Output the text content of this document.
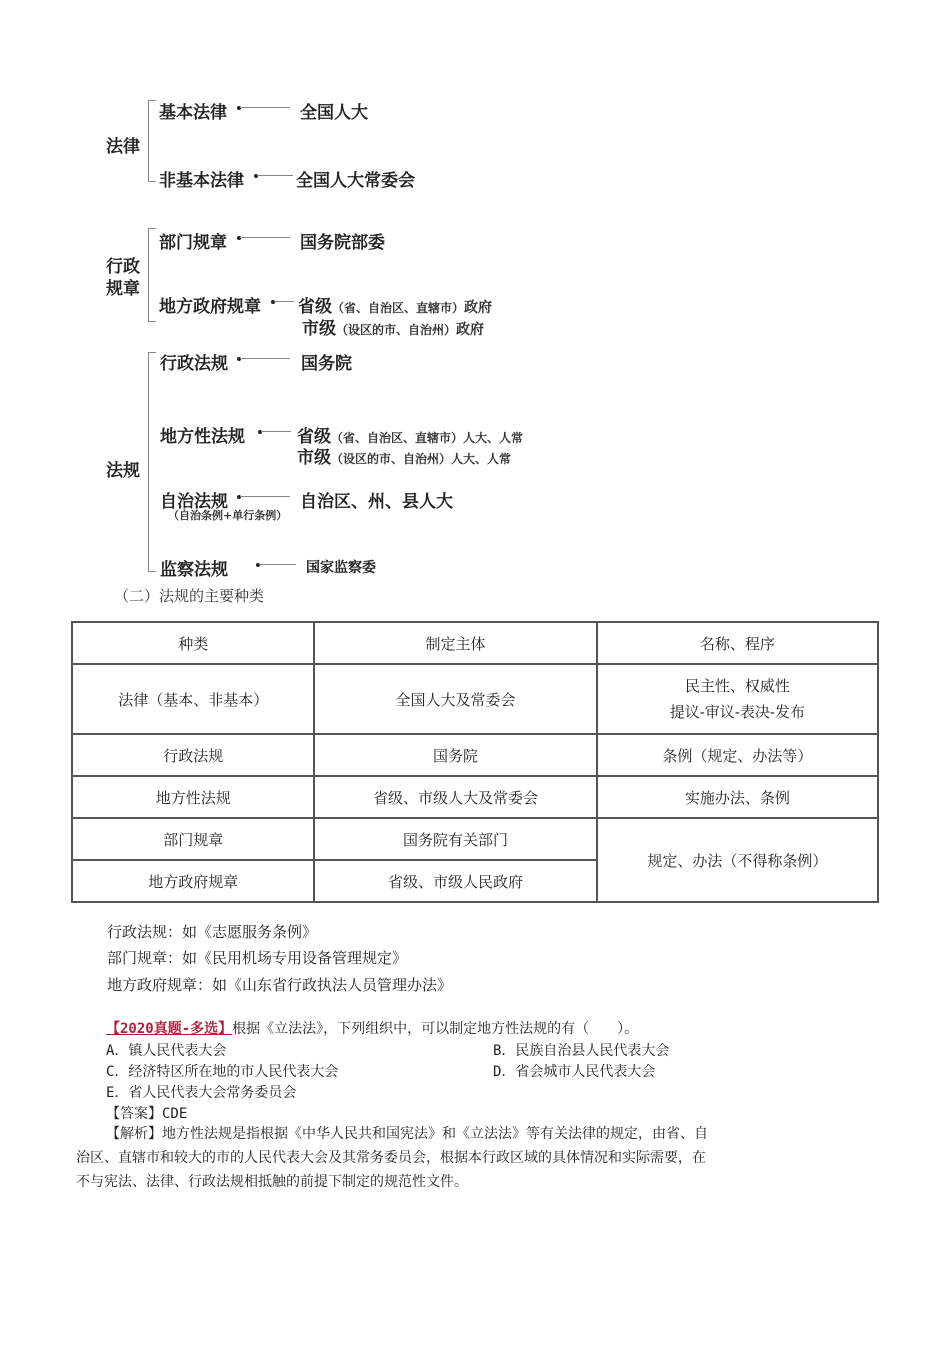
法律
基本法律	全国人大
非基本法律	全国人大常委会
行政
规章
部门规章	国务院部委
地方政府规章 省级（省、自治区、直辖市）政府
市级（设区的市、自治州）政府
法规
行政法规	国务院
地方性法规	省级（省、自治区、直辖市）人大、人常
市级（设区的市、自治州）人大、人常
自治法规
（自治条例+单行条例）
自治区、州、县人大
监察法规	国家监察委
（二）法规的主要种类
种类	制定主体	名称、程序
法律（基本、非基本）	全国人大及常委会	民主性、权威性
提议-审议-表决-发布

行政法规	国务院	条例（规定、办法等）
地方性法规	省级、市级人大及常委会	实施办法、条例
部门规章	国务院有关部门	规定、办法（不得称条例）
地方政府规章	省级、市级人民政府	
行政法规：如《志愿服务条例》
部门规章：如《民用机场专用设备管理规定》
地方政府规章：如《山东省行政执法人员管理办法》
【2020真题-多选】根据《立法法》，下列组织中，可以制定地方性法规的有（　　）。
A．镇人民代表大会	B．民族自治县人民代表大会
C．经济特区所在地的市人民代表大会	D．省会城市人民代表大会
E．省人民代表大会常务委员会
【答案】CDE
【解析】地方性法规是指根据《中华人民共和国宪法》和《立法法》等有关法律的规定，由省、自
治区、直辖市和较大的市的人民代表大会及其常务委员会，根据本行政区域的具体情况和实际需要，在
不与宪法、法律、行政法规相抵触的前提下制定的规范性文件。
